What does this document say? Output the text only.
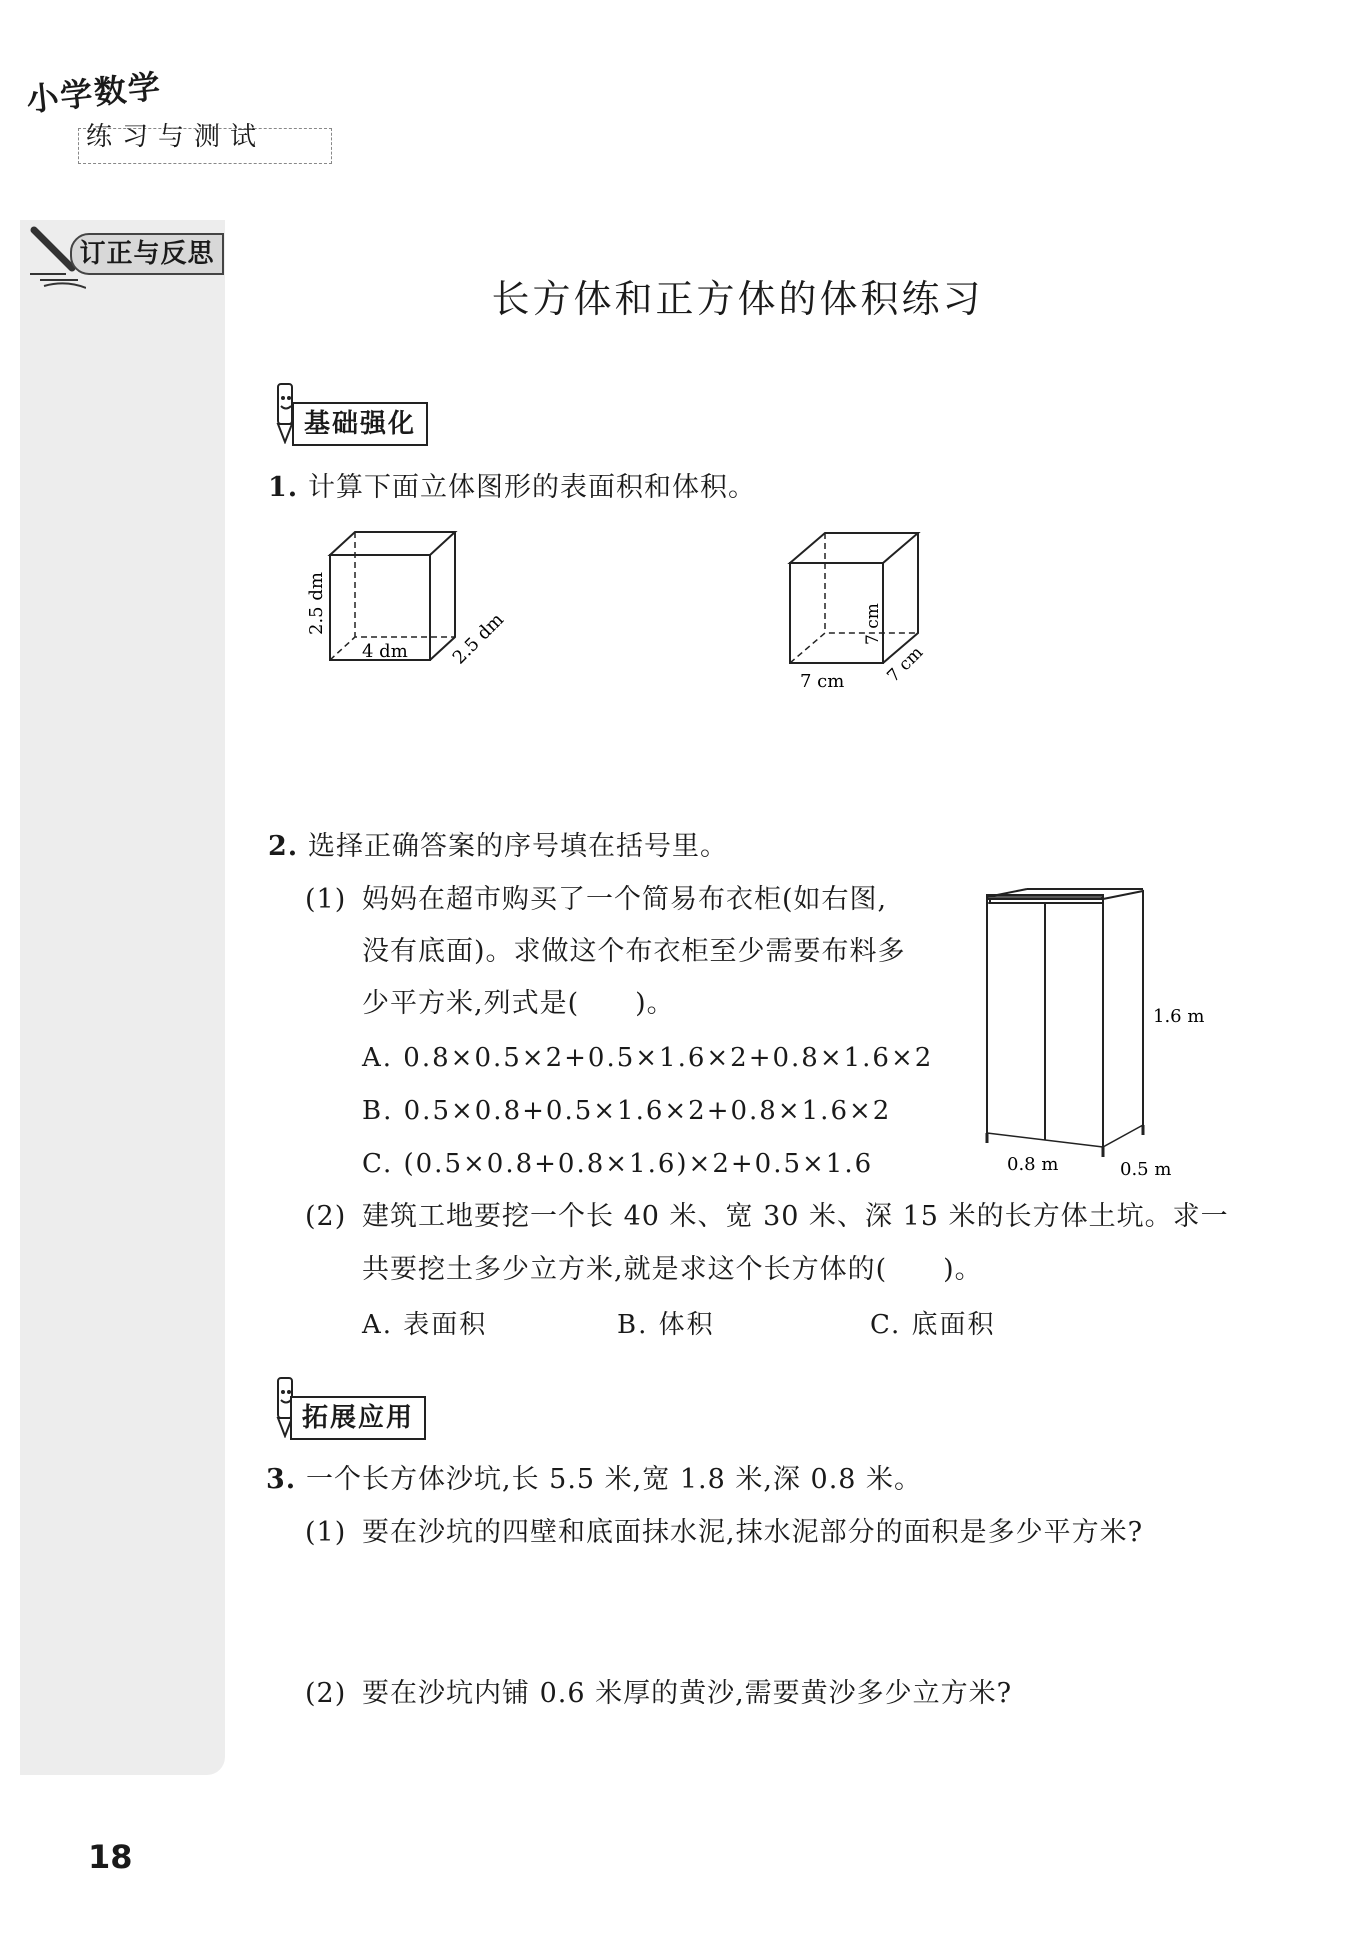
小学数学
练习与测试
订正与反思
长方体和正方体的体积练习
基础强化
1. 计算下面立体图形的表面积和体积。
2.5 dm
4 dm 2.5 dm	7 cm
7 cm 7 cm
2. 选择正确答案的序号填在括号里。
(1) 妈妈在超市购买了一个简易布衣柜(如右图,
没有底面)。求做这个布衣柜至少需要布料多
少平方米,列式是(　　)。
A. 0.8×0.5×2+0.5×1.6×2+0.8×1.6×2
B. 0.5×0.8+0.5×1.6×2+0.8×1.6×2
C. (0.5×0.8+0.8×1.6)×2+0.5×1.6
1.6 m
0.8 m	0.5 m
(2) 建筑工地要挖一个长 40 米、宽 30 米、深 15 米的长方体土坑。求一
共要挖土多少立方米,就是求这个长方体的(　　)。
A. 表面积	B. 体积	C. 底面积
拓展应用
3. 一个长方体沙坑,长 5.5 米,宽 1.8 米,深 0.8 米。
(1) 要在沙坑的四壁和底面抹水泥,抹水泥部分的面积是多少平方米?
(2) 要在沙坑内铺 0.6 米厚的黄沙,需要黄沙多少立方米?
18
